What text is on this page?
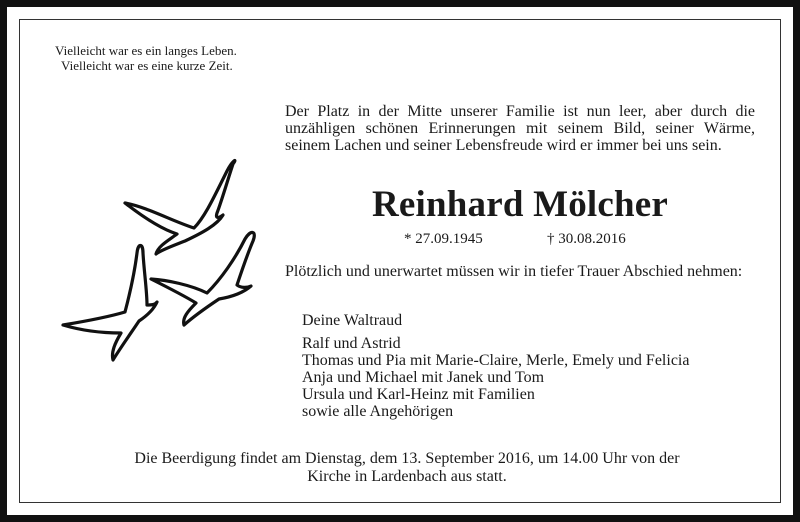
Vielleicht war es ein langes Leben.
Vielleicht war es eine kurze Zeit.
Der Platz in der Mitte unserer Familie ist nun leer, aber durch die unzähligen schönen Erinnerungen mit seinem Bild, seiner Wärme, seinem Lachen und seiner Lebensfreude wird er immer bei uns sein.
Reinhard Mölcher
* 27.09.1945	† 30.08.2016
Plötzlich und unerwartet müssen wir in tiefer Trauer Abschied nehmen:
Deine Waltraud
Ralf und Astrid
Thomas und Pia mit Marie-Claire, Merle, Emely und Felicia
Anja und Michael mit Janek und Tom
Ursula und Karl-Heinz mit Familien
sowie alle Angehörigen
Die Beerdigung findet am Dienstag, dem 13. September 2016, um 14.00 Uhr von der
Kirche in Lardenbach aus statt.
